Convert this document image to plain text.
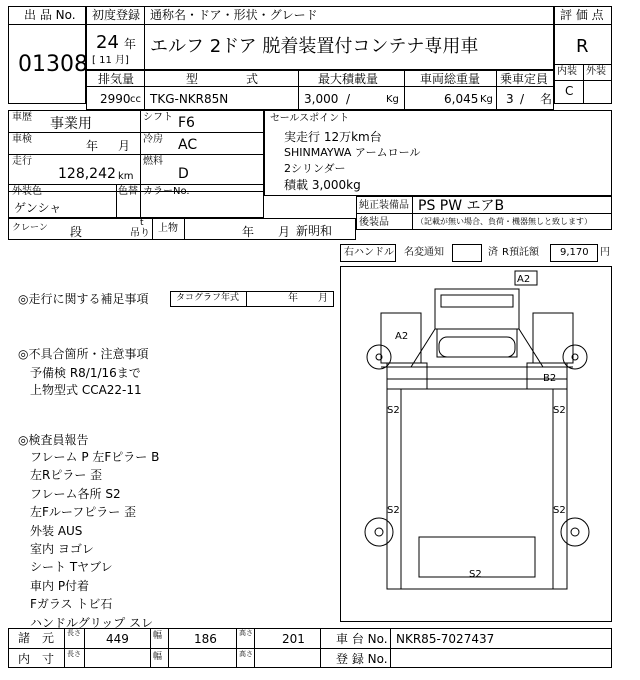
出 品 No.
01308
初度登録 通称名・ドア・形状・グレード
24 年
[ 11 月]
エルフ 2ドア 脱着装置付コンテナ専用車
評 価 点
R
内装 外装
C
排気量	型　　　　式	最大積載量	車両総重量 乗車定員
2990 cc TKG-NKR85N	3,000 /	Kg	6,045 Kg 3 / 名
車歴 事業用	シフト F6
車検	年 月 冷房 AC
走行
128,242 km
燃料
D
外装色
ゲンシャ
色替 カラーNo.
セールスポイント
実走行 12万km台
SHINMAYWA アームロール
2シリンダー
積載 3,000kg
純正装備品 PS PW エアB
後装品	（記載が無い場合、負荷・機器無しと致します）
クレーン 段
t
吊り 上物	年 月 新明和
右ハンドル 名変通知	済 R預託額 9,170 円
◎走行に関する補足事項	タコグラフ年式	年 月
◎不具合箇所・注意事項
予備検 R8/1/16まで
上物型式 CCA22-11
◎検査員報告
フレーム P 左Fピラー B
左Rピラー 歪
フレーム各所 S2
左Fルーフピラー 歪
外装 AUS
室内 ヨゴレ
シート Tヤブレ
車内 P付着
Fガラス トビ石
ハンドルグリップ スレ
A2
A2
B2
S2	S2
S2	S2
S2
諸　元 長さ 449	幅	186	高さ 201	車 台 No. NKR85-7027437
内　寸 長さ	幅	高さ	登 録 No.
